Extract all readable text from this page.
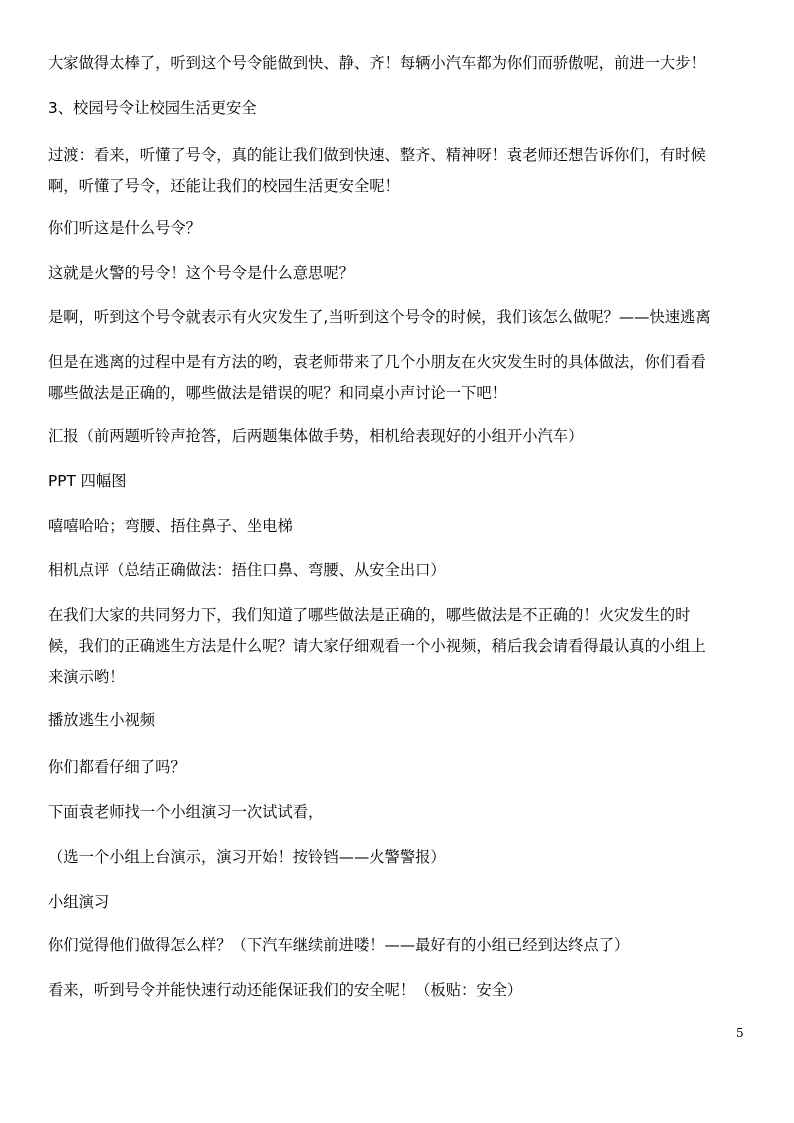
大家做得太棒了，听到这个号令能做到快、静、齐！每辆小汽车都为你们而骄傲呢，前进一大步！
3、校园号令让校园生活更安全
过渡：看来，听懂了号令，真的能让我们做到快速、整齐、精神呀！袁老师还想告诉你们，有时候
啊，听懂了号令，还能让我们的校园生活更安全呢！
你们听这是什么号令？
这就是火警的号令！这个号令是什么意思呢？
是啊，听到这个号令就表示有火灾发生了,当听到这个号令的时候，我们该怎么做呢？——快速逃离
但是在逃离的过程中是有方法的哟，袁老师带来了几个小朋友在火灾发生时的具体做法，你们看看
哪些做法是正确的，哪些做法是错误的呢？和同桌小声讨论一下吧！
汇报（前两题听铃声抢答，后两题集体做手势，相机给表现好的小组开小汽车）
PPT 四幅图
嘻嘻哈哈；弯腰、捂住鼻子、坐电梯
相机点评（总结正确做法：捂住口鼻、弯腰、从安全出口）
在我们大家的共同努力下，我们知道了哪些做法是正确的，哪些做法是不正确的！火灾发生的时
候，我们的正确逃生方法是什么呢？请大家仔细观看一个小视频，稍后我会请看得最认真的小组上
来演示哟！
播放逃生小视频
你们都看仔细了吗？
下面袁老师找一个小组演习一次试试看，
（选一个小组上台演示，演习开始！按铃铛——火警警报）
小组演习
你们觉得他们做得怎么样？（下汽车继续前进喽！——最好有的小组已经到达终点了）
看来，听到号令并能快速行动还能保证我们的安全呢！（板贴：安全）
5
